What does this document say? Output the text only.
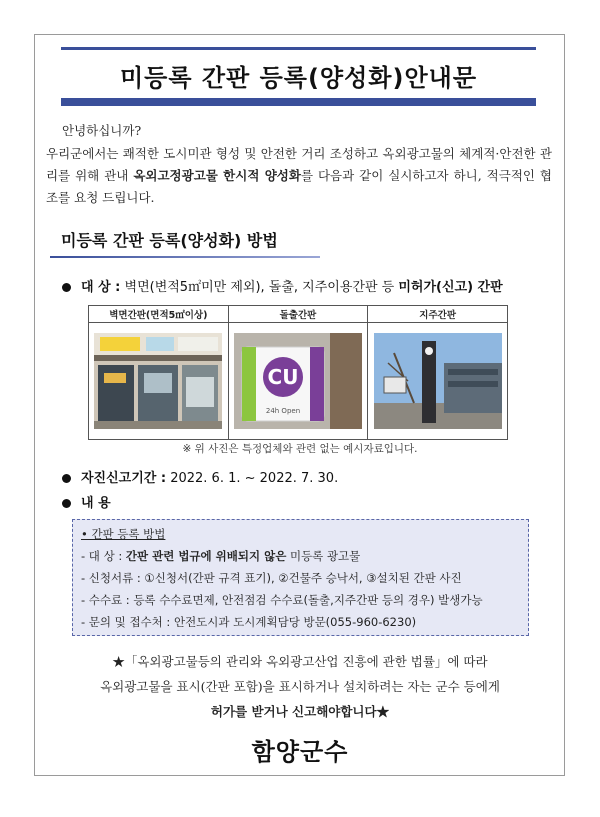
미등록 간판 등록(양성화)안내문
안녕하십니까?
우리군에서는 쾌적한 도시미관 형성 및 안전한 거리 조성하고 옥외광고물의 체계적·안전한 관리를 위해 관내 옥외고정광고물 한시적 양성화를 다음과 같이 실시하고자 하니, 적극적인 협조를 요청 드립니다.
미등록 간판 등록(양성화) 방법
대 상 : 벽면(변적5㎡미만 제외), 돌출, 지주이용간판 등 미허가(신고) 간판
벽면간판(면적5㎡이상)	돌출간판	지주간판

CU
24h Open

※ 위 사진은 특정업체와 관련 없는 예시자료입니다.
자진신고기간 : 2022. 6. 1. ~ 2022. 7. 30.
내 용
• 간판 등록 방법
- 대 상 : 간판 관련 법규에 위배되지 않은 미등록 광고물
- 신청서류 : ①신청서(간판 규격 표기), ②건물주 승낙서, ③설치된 간판 사진
- 수수료 : 등록 수수료면제, 안전점검 수수료(돌출,지주간판 등의 경우) 발생가능
- 문의 및 접수처 : 안전도시과 도시계획담당 방문(055-960-6230)
★「옥외광고물등의 관리와 옥외광고산업 진흥에 관한 법률」에 따라
옥외광고물을 표시(간판 포함)을 표시하거나 설치하려는 자는 군수 등에게
허가를 받거나 신고해야합니다★
함양군수
